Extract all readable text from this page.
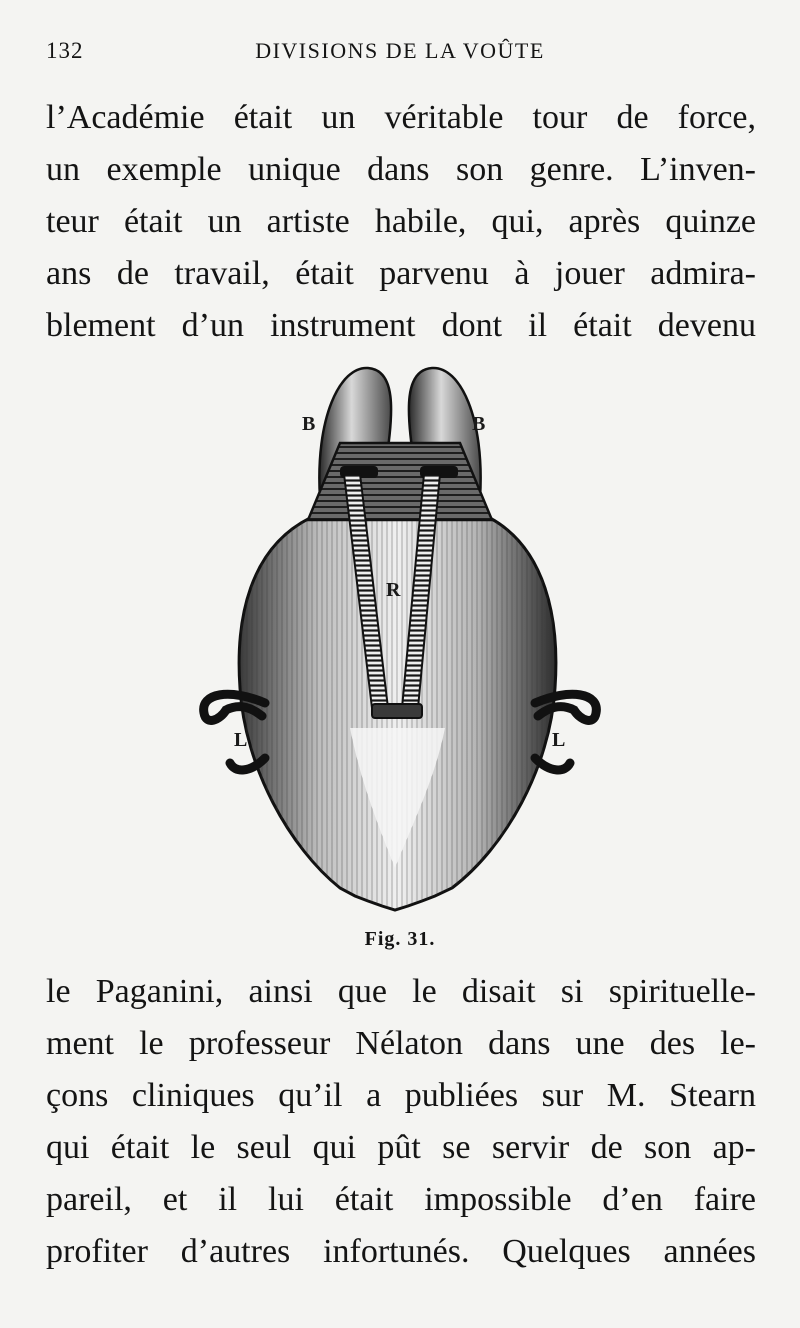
132	DIVISIONS DE LA VOÛTE
l’Académie était un véritable tour de force,
un exemple unique dans son genre. L’inven-
teur était un artiste habile, qui, après quinze
ans de travail, était parvenu à jouer admira-
blement d’un instrument dont il était devenu
B	B
R
L	L
Fig. 31.
le Paganini, ainsi que le disait si spirituelle-
ment le professeur Nélaton dans une des le-
çons cliniques qu’il a publiées sur M. Stearn
qui était le seul qui pût se servir de son ap-
pareil, et il lui était impossible d’en faire
profiter d’autres infortunés. Quelques années
